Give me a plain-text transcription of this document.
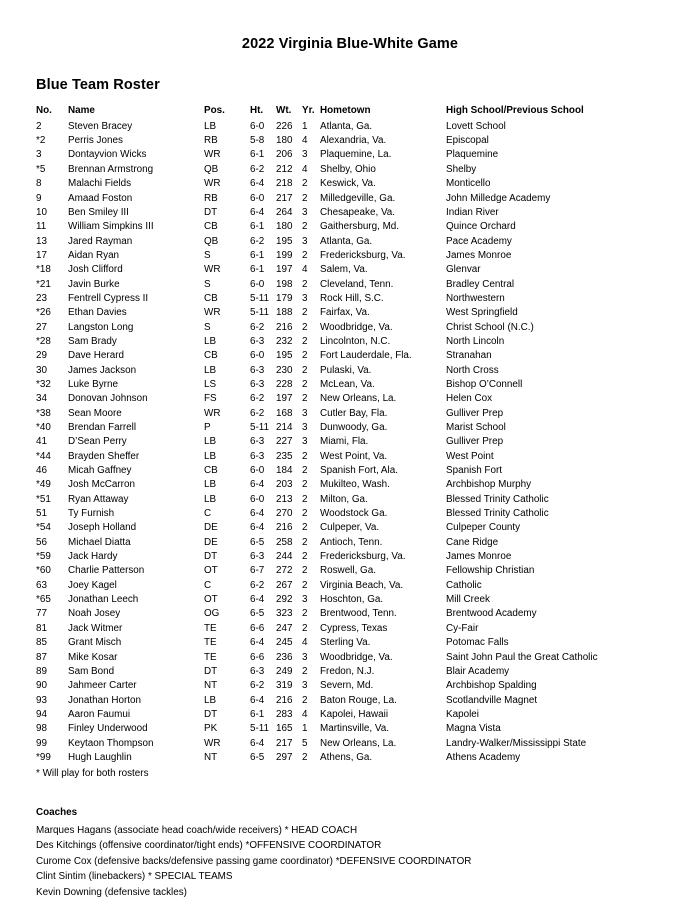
2022 Virginia Blue-White Game
Blue Team Roster
No.	Name	Pos.	Ht.	Wt.	Yr.	Hometown	High School/Previous School
2	Steven Bracey	LB	6-0	226	1	Atlanta, Ga.	Lovett School
*2	Perris Jones	RB	5-8	180	4	Alexandria, Va.	Episcopal
3	Dontayvion Wicks	WR	6-1	206	3	Plaquemine, La.	Plaquemine
*5	Brennan Armstrong	QB	6-2	212	4	Shelby, Ohio	Shelby
8	Malachi Fields	WR	6-4	218	2	Keswick, Va.	Monticello
9	Amaad Foston	RB	6-0	217	2	Milledgeville, Ga.	John Milledge Academy
10	Ben Smiley III	DT	6-4	264	3	Chesapeake, Va.	Indian River
11	William Simpkins III	CB	6-1	180	2	Gaithersburg, Md.	Quince Orchard
13	Jared Rayman	QB	6-2	195	3	Atlanta, Ga.	Pace Academy
17	Aidan Ryan	S	6-1	199	2	Fredericksburg, Va.	James Monroe
*18	Josh Clifford	WR	6-1	197	4	Salem, Va.	Glenvar
*21	Javin Burke	S	6-0	198	2	Cleveland, Tenn.	Bradley Central
23	Fentrell Cypress II	CB	5-11	179	3	Rock Hill, S.C.	Northwestern
*26	Ethan Davies	WR	5-11	188	2	Fairfax, Va.	West Springfield
27	Langston Long	S	6-2	216	2	Woodbridge, Va.	Christ School (N.C.)
*28	Sam Brady	LB	6-3	232	2	Lincolnton, N.C.	North Lincoln
29	Dave Herard	CB	6-0	195	2	Fort Lauderdale, Fla.	Stranahan
30	James Jackson	LB	6-3	230	2	Pulaski, Va.	North Cross
*32	Luke Byrne	LS	6-3	228	2	McLean, Va.	Bishop O’Connell
34	Donovan Johnson	FS	6-2	197	2	New Orleans, La.	Helen Cox
*38	Sean Moore	WR	6-2	168	3	Cutler Bay, Fla.	Gulliver Prep
*40	Brendan Farrell	P	5-11	214	3	Dunwoody, Ga.	Marist School
41	D’Sean Perry	LB	6-3	227	3	Miami, Fla.	Gulliver Prep
*44	Brayden Sheffer	LB	6-3	235	2	West Point, Va.	West Point
46	Micah Gaffney	CB	6-0	184	2	Spanish Fort, Ala.	Spanish Fort
*49	Josh McCarron	LB	6-4	203	2	Mukilteo, Wash.	Archbishop Murphy
*51	Ryan Attaway	LB	6-0	213	2	Milton, Ga.	Blessed Trinity Catholic
51	Ty Furnish	C	6-4	270	2	Woodstock Ga.	Blessed Trinity Catholic
*54	Joseph Holland	DE	6-4	216	2	Culpeper, Va.	Culpeper County
56	Michael Diatta	DE	6-5	258	2	Antioch, Tenn.	Cane Ridge
*59	Jack Hardy	DT	6-3	244	2	Fredericksburg, Va.	James Monroe
*60	Charlie Patterson	OT	6-7	272	2	Roswell, Ga.	Fellowship Christian
63	Joey Kagel	C	6-2	267	2	Virginia Beach, Va.	Catholic
*65	Jonathan Leech	OT	6-4	292	3	Hoschton, Ga.	Mill Creek
77	Noah Josey	OG	6-5	323	2	Brentwood, Tenn.	Brentwood Academy
81	Jack Witmer	TE	6-6	247	2	Cypress, Texas	Cy-Fair
85	Grant Misch	TE	6-4	245	4	Sterling Va.	Potomac Falls
87	Mike Kosar	TE	6-6	236	3	Woodbridge, Va.	Saint John Paul the Great Catholic
89	Sam Bond	DT	6-3	249	2	Fredon, N.J.	Blair Academy
90	Jahmeer Carter	NT	6-2	319	3	Severn, Md.	Archbishop Spalding
93	Jonathan Horton	LB	6-4	216	2	Baton Rouge, La.	Scotlandville Magnet
94	Aaron Faumui	DT	6-1	283	4	Kapolei, Hawaii	Kapolei
98	Finley Underwood	PK	5-11	165	1	Martinsville, Va.	Magna Vista
99	Keytaon Thompson	WR	6-4	217	5	New Orleans, La.	Landry-Walker/Mississippi State
*99	Hugh Laughlin	NT	6-5	297	2	Athens, Ga.	Athens Academy

* Will play for both rosters

Coaches

Marques Hagans (associate head coach/wide receivers) * HEAD COACH
Des Kitchings (offensive coordinator/tight ends) *OFFENSIVE COORDINATOR
Curome Cox (defensive backs/defensive passing game coordinator) *DEFENSIVE COORDINATOR
Clint Sintim (linebackers) * SPECIAL TEAMS
Kevin Downing (defensive tackles)
